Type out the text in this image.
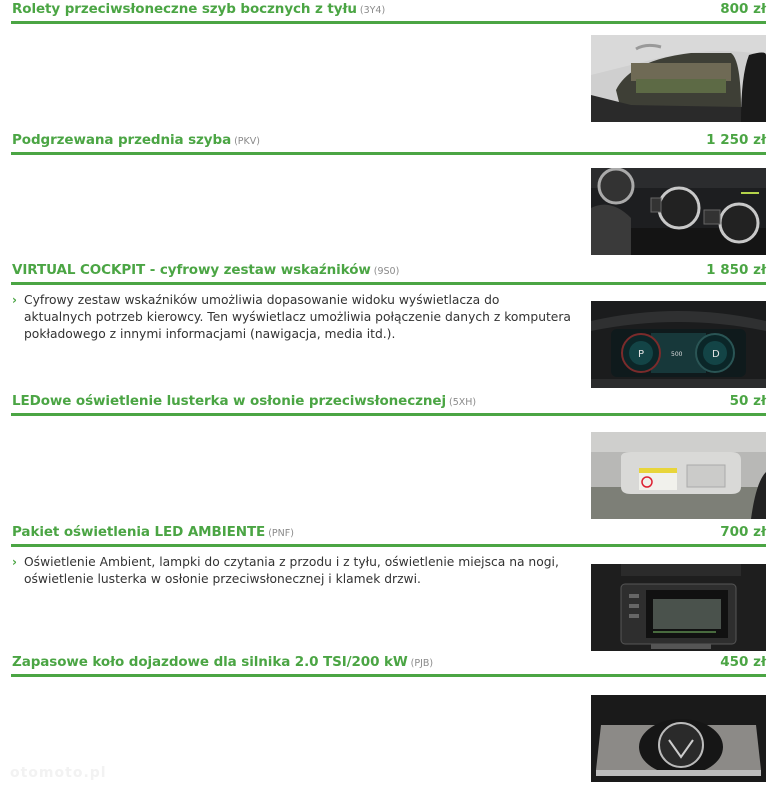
Rolety przeciwsłoneczne szyb bocznych z tyłu (3Y4)	800 zł
Podgrzewana przednia szyba (PKV)	1 250 zł
VIRTUAL COCKPIT - cyfrowy zestaw wskaźników (9S0)	1 850 zł
› Cyfrowy zestaw wskaźników umożliwia dopasowanie widoku wyświetlacza do aktualnych potrzeb kierowcy. Ten wyświetlacz umożliwia połączenie danych z komputera pokładowego z innymi informacjami (nawigacja, media itd.).
P	D
500
LEDowe oświetlenie lusterka w osłonie przeciwsłonecznej (5XH)	50 zł
Pakiet oświetlenia LED AMBIENTE (PNF)	700 zł
› Oświetlenie Ambient, lampki do czytania z przodu i z tyłu, oświetlenie miejsca na nogi, oświetlenie lusterka w osłonie przeciwsłonecznej i klamek drzwi.
Zapasowe koło dojazdowe dla silnika 2.0 TSI/200 kW (PJB)	450 zł
otomoto.pl
